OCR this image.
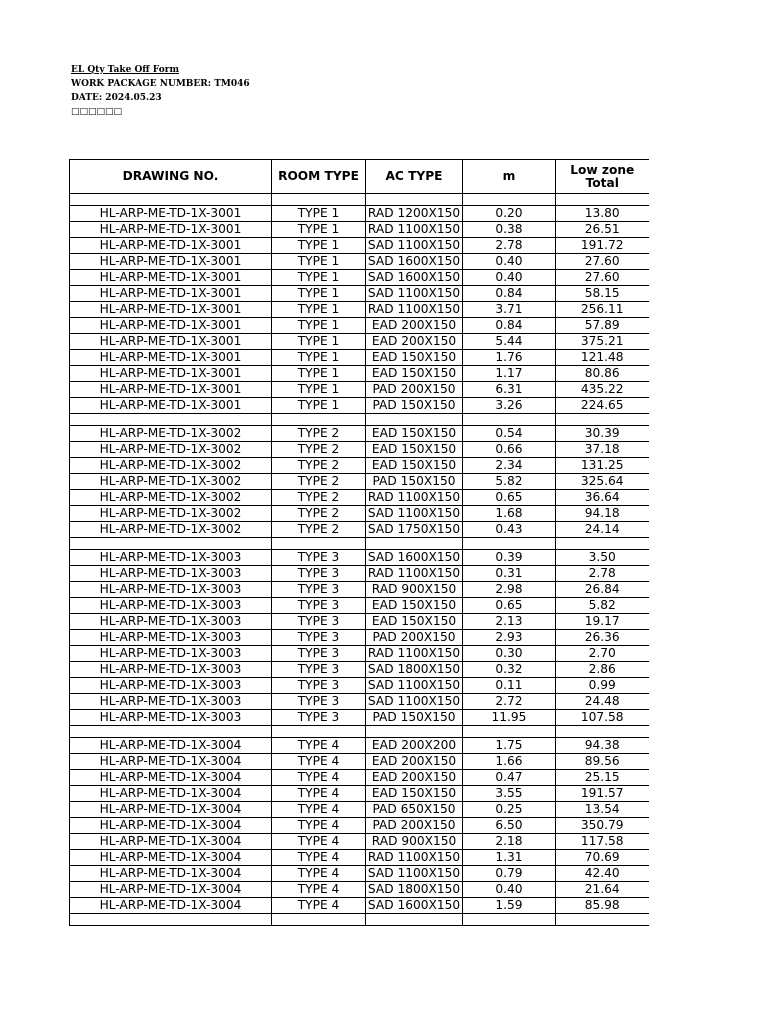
EL Qty Take Off Form
WORK PACKAGE NUMBER: TM046
DATE: 2024.05.23
□□□□□□
DRAWING NO.	ROOM TYPE	AC TYPE	m	Low zone Total

HL-ARP-ME-TD-1X-3001	TYPE 1	RAD 1200X150	0.20	13.80
HL-ARP-ME-TD-1X-3001	TYPE 1	RAD 1100X150	0.38	26.51
HL-ARP-ME-TD-1X-3001	TYPE 1	SAD 1100X150	2.78	191.72
HL-ARP-ME-TD-1X-3001	TYPE 1	SAD 1600X150	0.40	27.60
HL-ARP-ME-TD-1X-3001	TYPE 1	SAD 1600X150	0.40	27.60
HL-ARP-ME-TD-1X-3001	TYPE 1	SAD 1100X150	0.84	58.15
HL-ARP-ME-TD-1X-3001	TYPE 1	RAD 1100X150	3.71	256.11
HL-ARP-ME-TD-1X-3001	TYPE 1	EAD 200X150	0.84	57.89
HL-ARP-ME-TD-1X-3001	TYPE 1	EAD 200X150	5.44	375.21
HL-ARP-ME-TD-1X-3001	TYPE 1	EAD 150X150	1.76	121.48
HL-ARP-ME-TD-1X-3001	TYPE 1	EAD 150X150	1.17	80.86
HL-ARP-ME-TD-1X-3001	TYPE 1	PAD 200X150	6.31	435.22
HL-ARP-ME-TD-1X-3001	TYPE 1	PAD 150X150	3.26	224.65

HL-ARP-ME-TD-1X-3002	TYPE 2	EAD 150X150	0.54	30.39
HL-ARP-ME-TD-1X-3002	TYPE 2	EAD 150X150	0.66	37.18
HL-ARP-ME-TD-1X-3002	TYPE 2	EAD 150X150	2.34	131.25
HL-ARP-ME-TD-1X-3002	TYPE 2	PAD 150X150	5.82	325.64
HL-ARP-ME-TD-1X-3002	TYPE 2	RAD 1100X150	0.65	36.64
HL-ARP-ME-TD-1X-3002	TYPE 2	SAD 1100X150	1.68	94.18
HL-ARP-ME-TD-1X-3002	TYPE 2	SAD 1750X150	0.43	24.14

HL-ARP-ME-TD-1X-3003	TYPE 3	SAD 1600X150	0.39	3.50
HL-ARP-ME-TD-1X-3003	TYPE 3	RAD 1100X150	0.31	2.78
HL-ARP-ME-TD-1X-3003	TYPE 3	RAD 900X150	2.98	26.84
HL-ARP-ME-TD-1X-3003	TYPE 3	EAD 150X150	0.65	5.82
HL-ARP-ME-TD-1X-3003	TYPE 3	EAD 150X150	2.13	19.17
HL-ARP-ME-TD-1X-3003	TYPE 3	PAD 200X150	2.93	26.36
HL-ARP-ME-TD-1X-3003	TYPE 3	RAD 1100X150	0.30	2.70
HL-ARP-ME-TD-1X-3003	TYPE 3	SAD 1800X150	0.32	2.86
HL-ARP-ME-TD-1X-3003	TYPE 3	SAD 1100X150	0.11	0.99
HL-ARP-ME-TD-1X-3003	TYPE 3	SAD 1100X150	2.72	24.48
HL-ARP-ME-TD-1X-3003	TYPE 3	PAD 150X150	11.95	107.58

HL-ARP-ME-TD-1X-3004	TYPE 4	EAD 200X200	1.75	94.38
HL-ARP-ME-TD-1X-3004	TYPE 4	EAD 200X150	1.66	89.56
HL-ARP-ME-TD-1X-3004	TYPE 4	EAD 200X150	0.47	25.15
HL-ARP-ME-TD-1X-3004	TYPE 4	EAD 150X150	3.55	191.57
HL-ARP-ME-TD-1X-3004	TYPE 4	PAD 650X150	0.25	13.54
HL-ARP-ME-TD-1X-3004	TYPE 4	PAD 200X150	6.50	350.79
HL-ARP-ME-TD-1X-3004	TYPE 4	RAD 900X150	2.18	117.58
HL-ARP-ME-TD-1X-3004	TYPE 4	RAD 1100X150	1.31	70.69
HL-ARP-ME-TD-1X-3004	TYPE 4	SAD 1100X150	0.79	42.40
HL-ARP-ME-TD-1X-3004	TYPE 4	SAD 1800X150	0.40	21.64
HL-ARP-ME-TD-1X-3004	TYPE 4	SAD 1600X150	1.59	85.98
